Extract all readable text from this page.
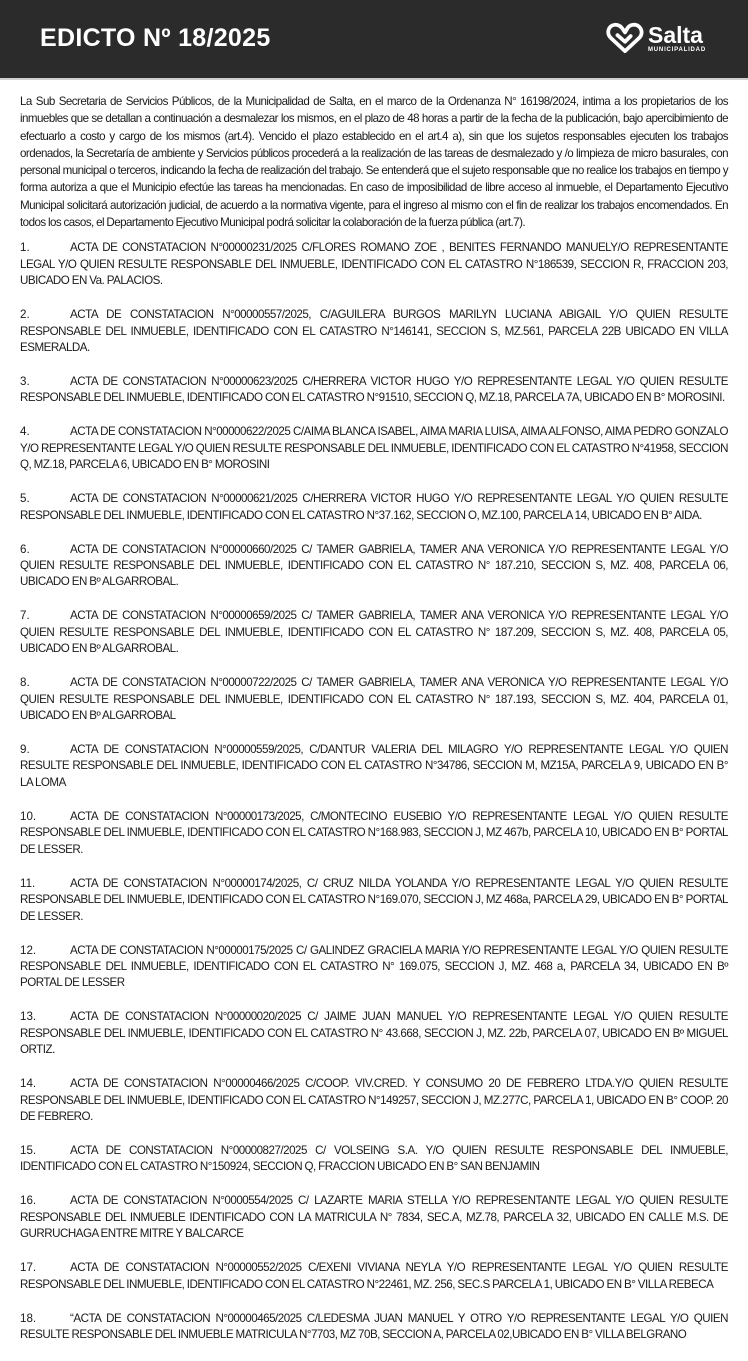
EDICTO Nº 18/2025	Salta
MUNICIPALIDAD

La Sub Secretaria de Servicios Públicos, de la Municipalidad de Salta, en el marco de la Ordenanza N° 16198/2024, intima a los propietarios de los inmuebles que se detallan a continuación a desmalezar los mismos, en el plazo de 48 horas a partir de la fecha de la publicación, bajo apercibimiento de efectuarlo a costo y cargo de los mismos (art.4). Vencido el plazo establecido en el art.4 a), sin que los sujetos responsables ejecuten los trabajos ordenados, la Secretaría de ambiente y Servicios públicos procederá a la realización de las tareas de desmalezado y /o limpieza de micro basurales, con personal municipal o terceros, indicando la fecha de realización del trabajo. Se entenderá que el sujeto responsable que no realice los trabajos en tiempo y forma autoriza a que el Municipio efectúe las tareas ha mencionadas. En caso de imposibilidad de libre acceso al inmueble, el Departamento Ejecutivo Municipal solicitará autorización judicial, de acuerdo a la normativa vigente, para el ingreso al mismo con el fin de realizar los trabajos encomendados. En todos los casos, el Departamento Ejecutivo Municipal podrá solicitar la colaboración de la fuerza pública (art.7).

1.	ACTA DE CONSTATACION N°00000231/2025 C/FLORES ROMANO ZOE , BENITES FERNANDO MANUELY/O REPRESENTANTE LEGAL Y/O QUIEN RESULTE RESPONSABLE DEL INMUEBLE, IDENTIFICADO CON EL CATASTRO N°186539, SECCION R, FRACCION 203, UBICADO EN Va. PALACIOS.

2.	ACTA DE CONSTATACION N°00000557/2025, C/AGUILERA BURGOS MARILYN LUCIANA ABIGAIL Y/O QUIEN RESULTE RESPONSABLE DEL INMUEBLE, IDENTIFICADO CON EL CATASTRO N°146141, SECCION S, MZ.561, PARCELA 22B UBICADO EN VILLA ESMERALDA.

3.	ACTA DE CONSTATACION N°00000623/2025 C/HERRERA VICTOR HUGO Y/O REPRESENTANTE LEGAL Y/O QUIEN RESULTE RESPONSABLE DEL INMUEBLE, IDENTIFICADO CON EL CATASTRO N°91510, SECCION Q, MZ.18, PARCELA 7A, UBICADO EN B° MOROSINI.

4.	ACTA DE CONSTATACION N°00000622/2025 C/AIMA BLANCA ISABEL, AIMA MARIA LUISA, AIMA ALFONSO, AIMA PEDRO GONZALO Y/O REPRESENTANTE LEGAL Y/O QUIEN RESULTE RESPONSABLE DEL INMUEBLE, IDENTIFICADO CON EL CATASTRO N°41958, SECCION Q, MZ.18, PARCELA 6, UBICADO EN B° MOROSINI

5.	ACTA DE CONSTATACION N°00000621/2025 C/HERRERA VICTOR HUGO Y/O REPRESENTANTE LEGAL Y/O QUIEN RESULTE RESPONSABLE DEL INMUEBLE, IDENTIFICADO CON EL CATASTRO N°37.162, SECCION O, MZ.100, PARCELA 14, UBICADO EN B° AIDA.

6.	ACTA DE CONSTATACION N°00000660/2025 C/ TAMER GABRIELA, TAMER ANA VERONICA Y/O REPRESENTANTE LEGAL Y/O QUIEN RESULTE RESPONSABLE DEL INMUEBLE, IDENTIFICADO CON EL CATASTRO N° 187.210, SECCION S, MZ. 408, PARCELA 06, UBICADO EN Bº ALGARROBAL.

7.	ACTA DE CONSTATACION N°00000659/2025 C/ TAMER GABRIELA, TAMER ANA VERONICA Y/O REPRESENTANTE LEGAL Y/O QUIEN RESULTE RESPONSABLE DEL INMUEBLE, IDENTIFICADO CON EL CATASTRO N° 187.209, SECCION S, MZ. 408, PARCELA 05, UBICADO EN Bº ALGARROBAL.

8.	ACTA DE CONSTATACION N°00000722/2025 C/ TAMER GABRIELA, TAMER ANA VERONICA Y/O REPRESENTANTE LEGAL Y/O QUIEN RESULTE RESPONSABLE DEL INMUEBLE, IDENTIFICADO CON EL CATASTRO N° 187.193, SECCION S, MZ. 404, PARCELA 01, UBICADO EN Bº ALGARROBAL

9.	ACTA DE CONSTATACION N°00000559/2025, C/DANTUR VALERIA DEL MILAGRO Y/O REPRESENTANTE LEGAL Y/O QUIEN RESULTE RESPONSABLE DEL INMUEBLE, IDENTIFICADO CON EL CATASTRO N°34786, SECCION M, MZ15A, PARCELA 9, UBICADO EN B° LA LOMA

10.	ACTA DE CONSTATACION N°00000173/2025, C/MONTECINO EUSEBIO Y/O REPRESENTANTE LEGAL Y/O QUIEN RESULTE RESPONSABLE DEL INMUEBLE, IDENTIFICADO CON EL CATASTRO N°168.983, SECCION J, MZ 467b, PARCELA 10, UBICADO EN B° PORTAL DE LESSER.

11.	ACTA DE CONSTATACION N°00000174/2025, C/ CRUZ NILDA YOLANDA Y/O REPRESENTANTE LEGAL Y/O QUIEN RESULTE RESPONSABLE DEL INMUEBLE, IDENTIFICADO CON EL CATASTRO N°169.070, SECCION J, MZ 468a, PARCELA 29, UBICADO EN B° PORTAL DE LESSER.

12.	ACTA DE CONSTATACION N°00000175/2025 C/ GALINDEZ GRACIELA MARIA Y/O REPRESENTANTE LEGAL Y/O QUIEN RESULTE RESPONSABLE DEL INMUEBLE, IDENTIFICADO CON EL CATASTRO N° 169.075, SECCION J, MZ. 468 a, PARCELA 34, UBICADO EN Bº PORTAL DE LESSER

13.	ACTA DE CONSTATACION N°00000020/2025 C/ JAIME JUAN MANUEL Y/O REPRESENTANTE LEGAL Y/O QUIEN RESULTE RESPONSABLE DEL INMUEBLE, IDENTIFICADO CON EL CATASTRO N° 43.668, SECCION J, MZ. 22b, PARCELA 07, UBICADO EN Bº MIGUEL ORTIZ.

14.	ACTA DE CONSTATACION N°00000466/2025 C/COOP. VIV.CRED. Y CONSUMO 20 DE FEBRERO LTDA.Y/O QUIEN RESULTE RESPONSABLE DEL INMUEBLE, IDENTIFICADO CON EL CATASTRO N°149257, SECCION J, MZ.277C, PARCELA 1, UBICADO EN B° COOP. 20 DE FEBRERO.

15.	ACTA DE CONSTATACION N°00000827/2025 C/ VOLSEING S.A. Y/O QUIEN RESULTE RESPONSABLE DEL INMUEBLE, IDENTIFICADO CON EL CATASTRO N°150924, SECCION Q, FRACCION UBICADO EN B° SAN BENJAMIN

16.	ACTA DE CONSTATACION N°0000554/2025 C/ LAZARTE MARIA STELLA Y/O REPRESENTANTE LEGAL Y/O QUIEN RESULTE RESPONSABLE DEL INMUEBLE IDENTIFICADO CON LA MATRICULA N° 7834, SEC.A, MZ.78, PARCELA 32, UBICADO EN CALLE M.S. DE GURRUCHAGA ENTRE MITRE Y BALCARCE

17.	ACTA DE CONSTATACION N°00000552/2025 C/EXENI VIVIANA NEYLA Y/O REPRESENTANTE LEGAL Y/O QUIEN RESULTE RESPONSABLE DEL INMUEBLE, IDENTIFICADO CON EL CATASTRO N°22461, MZ. 256, SEC.S PARCELA 1, UBICADO EN B° VILLA REBECA

18.	“ACTA DE CONSTATACION N°00000465/2025 C/LEDESMA JUAN MANUEL Y OTRO Y/O REPRESENTANTE LEGAL Y/O QUIEN RESULTE RESPONSABLE DEL INMUEBLE MATRICULA N°7703, MZ 70B, SECCION A, PARCELA 02,UBICADO EN B° VILLA BELGRANO
